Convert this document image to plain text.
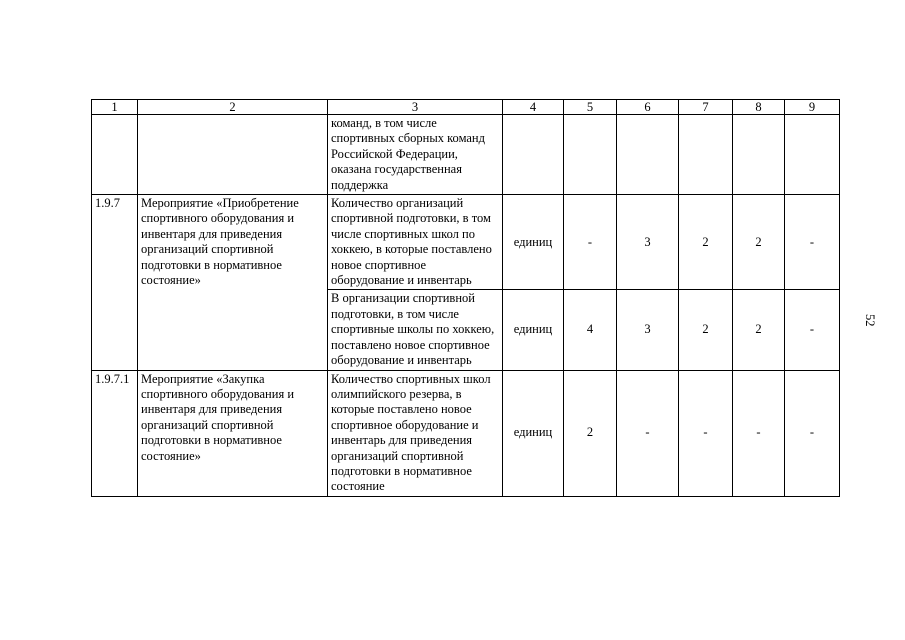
1	2	3	4	5	6	7	8	9
		команд, в том числе спортивных сборных команд Российской Федерации, оказана государственная поддержка						
1.9.7	Мероприятие «Приобретение спортивного оборудования и инвентаря для приведения организаций спортивной подготовки в нормативное состояние»	Количество организаций спортивной подготовки, в том числе спортивных школ по хоккею, в которые поставлено новое спортивное оборудование и инвентарь	единиц	-	3	2	2	-
		В организации спортивной подготовки, в том числе спортивные школы по хоккею, поставлено новое спортивное оборудование и инвентарь	единиц	4	3	2	2	-
1.9.7.1	Мероприятие «Закупка спортивного оборудования и инвентаря для приведения организаций спортивной подготовки в нормативное состояние»	Количество спортивных школ олимпийского резерва, в которые поставлено новое спортивное оборудование и инвентарь для приведения организаций спортивной подготовки в нормативное состояние	единиц	2	-	-	-	-
52
